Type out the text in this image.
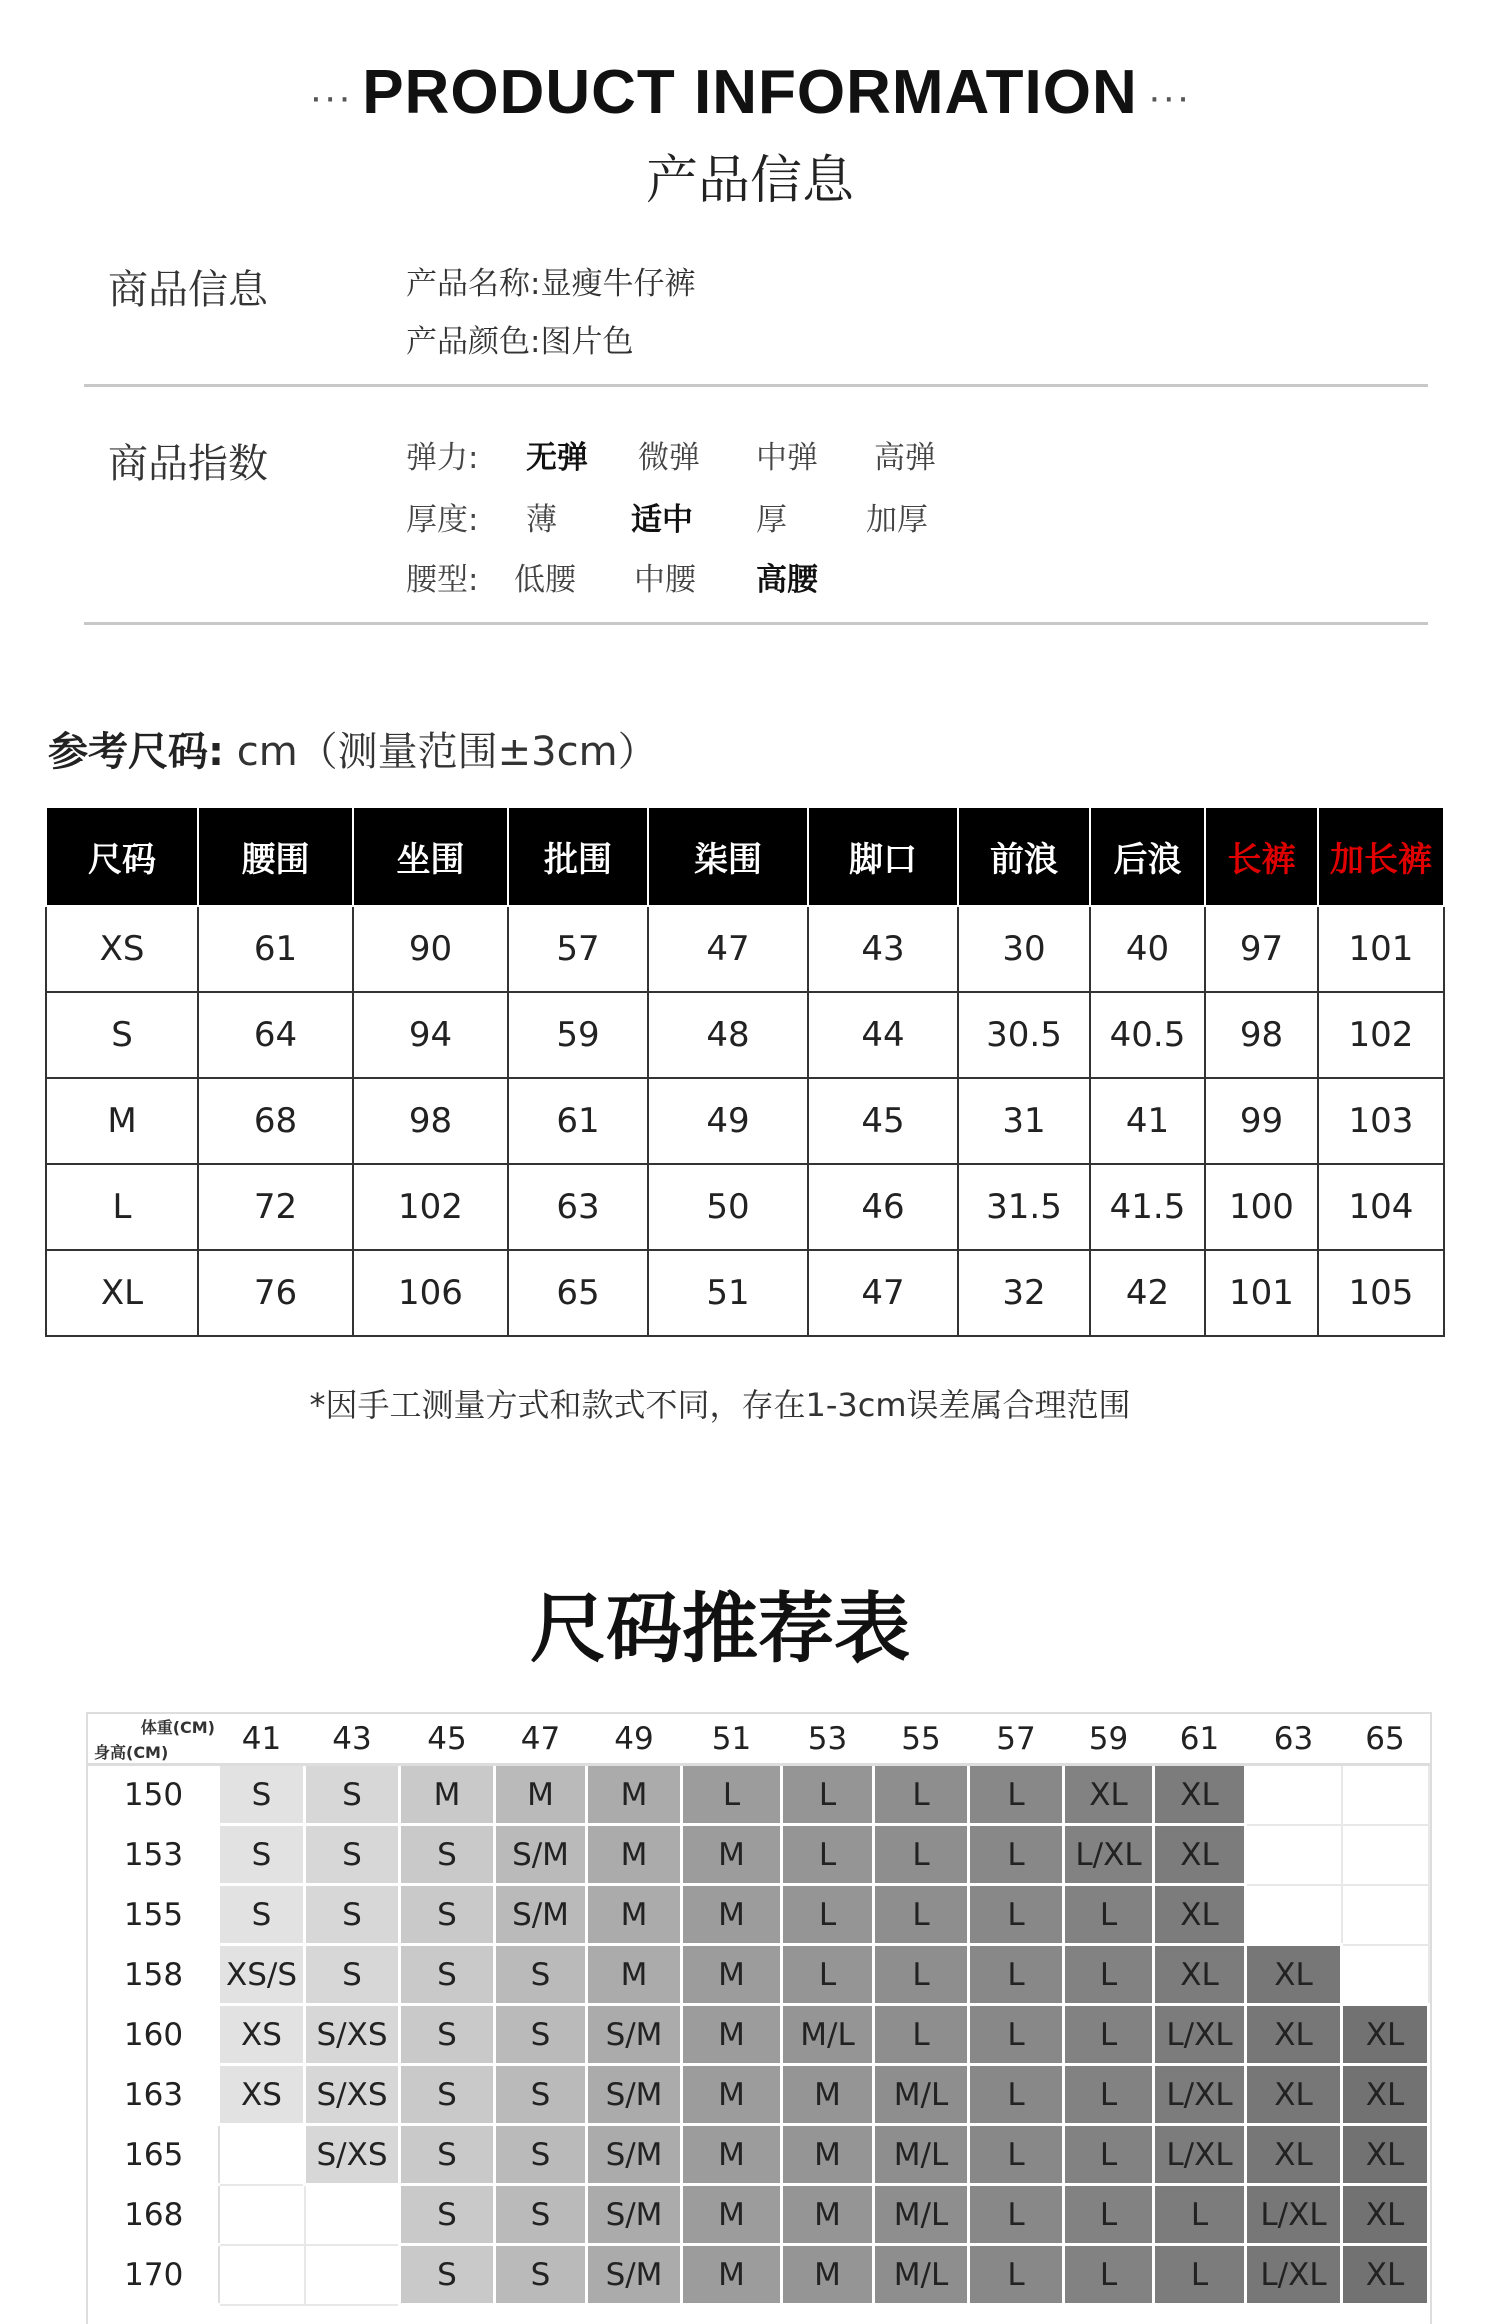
··· PRODUCT INFORMATION ···
产品信息
商品信息	产品名称:显瘦牛仔裤
产品颜色:图片色
商品指数	弹力: 无弹 微弹 中弹 高弹
厚度: 薄 适中 厚	加厚
腰型: 低腰 中腰 高腰
参考尺码: cm（测量范围±3cm）
尺码	腰围	坐围	批围	柒围	脚口	前浪	后浪	长裤	加长裤
XS	61	90	57	47	43	30	40	97	101
S	64	94	59	48	44	30.5	40.5	98	102
M	68	98	61	49	45	31	41	99	103
L	72	102	63	50	46	31.5	41.5	100	104
XL	76	106	65	51	47	32	42	101	105
*因手工测量方式和款式不同，存在1-3cm误差属合理范围
尺码推荐表
体重(CM)
身高(CM)	41	43	45	47	49	51	53	55	57	59	61	63	65
150	S	S	M	M	M	L	L	L	L	XL	XL		
153	S	S	S	S/M	M	M	L	L	L	L/XL	XL		
155	S	S	S	S/M	M	M	L	L	L	L	XL		
158	XS/S	S	S	S	M	M	L	L	L	L	XL	XL	
160	XS	S/XS	S	S	S/M	M	M/L	L	L	L	L/XL	XL	XL
163	XS	S/XS	S	S	S/M	M	M	M/L	L	L	L/XL	XL	XL
165		S/XS	S	S	S/M	M	M	M/L	L	L	L/XL	XL	XL
168			S	S	S/M	M	M	M/L	L	L	L	L/XL	XL
170			S	S	S/M	M	M	M/L	L	L	L	L/XL	XL
